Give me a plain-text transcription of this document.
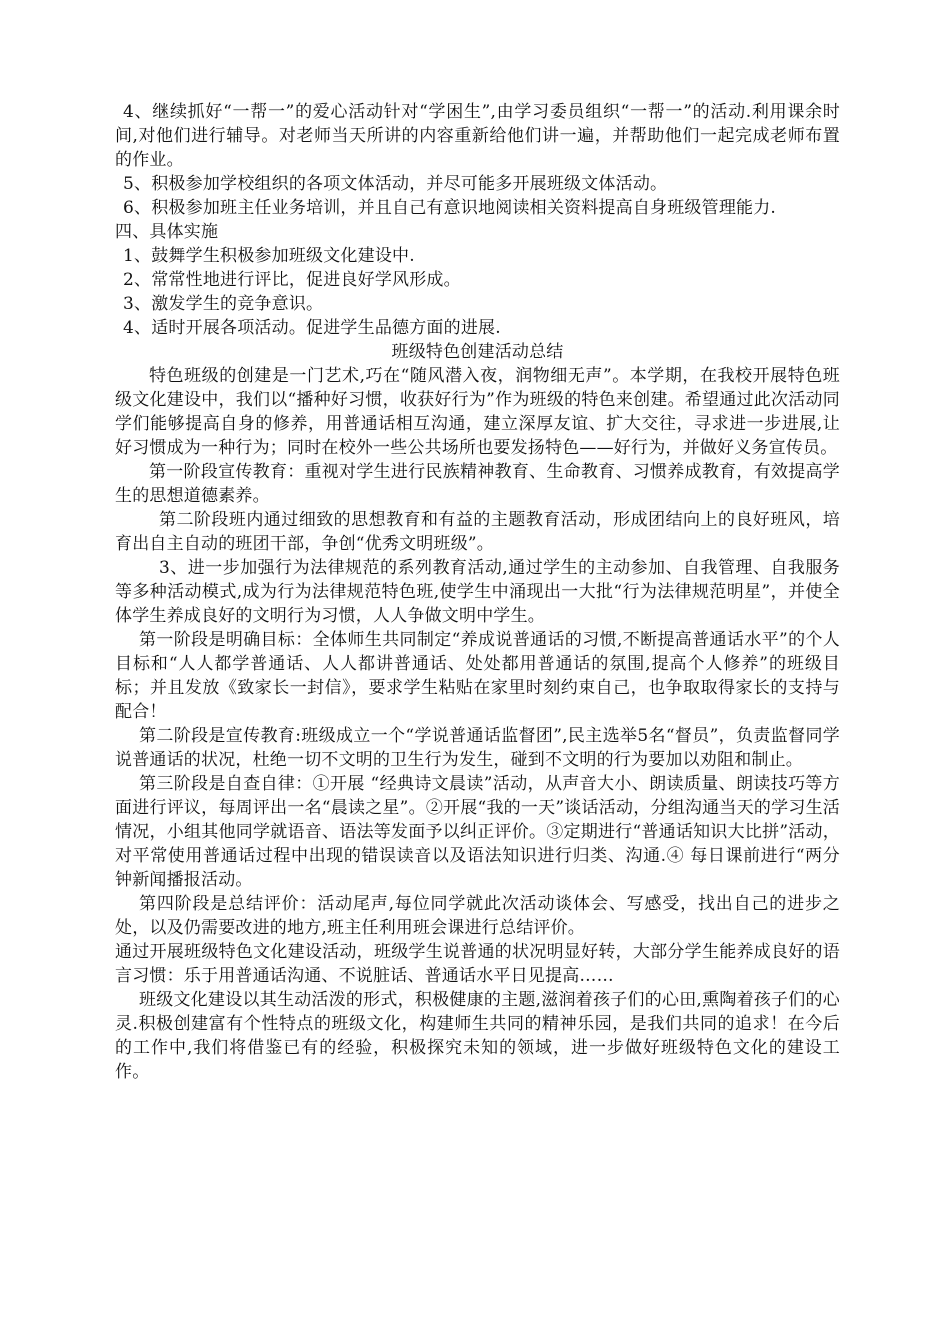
4、继续抓好“一帮一”的爱心活动针对“学困生”,由学习委员组织“一帮一”的活动.利用课余时间,对他们进行辅导。对老师当天所讲的内容重新给他们讲一遍，并帮助他们一起完成老师布置的作业。

5、积极参加学校组织的各项文体活动，并尽可能多开展班级文体活动。

6、积极参加班主任业务培训，并且自己有意识地阅读相关资料提高自身班级管理能力.

四、具体实施

1、鼓舞学生积极参加班级文化建设中.

2、常常性地进行评比，促进良好学风形成。

3、激发学生的竞争意识。

4、适时开展各项活动。促进学生品德方面的进展.

班级特色创建活动总结

特色班级的创建是一门艺术,巧在“随风潜入夜，润物细无声”。本学期，在我校开展特色班级文化建设中，我们以“播种好习惯，收获好行为”作为班级的特色来创建。希望通过此次活动同学们能够提高自身的修养，用普通话相互沟通，建立深厚友谊、扩大交往，寻求进一步进展,让好习惯成为一种行为；同时在校外一些公共场所也要发扬特色——好行为，并做好义务宣传员。

第一阶段宣传教育：重视对学生进行民族精神教育、生命教育、习惯养成教育，有效提高学生的思想道德素养。

第二阶段班内通过细致的思想教育和有益的主题教育活动，形成团结向上的良好班风，培育出自主自动的班团干部，争创“优秀文明班级”。

3、进一步加强行为法律规范的系列教育活动,通过学生的主动参加、自我管理、自我服务等多种活动模式,成为行为法律规范特色班,使学生中涌现出一大批“行为法律规范明星”，并使全体学生养成良好的文明行为习惯，人人争做文明中学生。

第一阶段是明确目标：全体师生共同制定“养成说普通话的习惯,不断提高普通话水平”的个人目标和“人人都学普通话、人人都讲普通话、处处都用普通话的氛围,提高个人修养”的班级目标；并且发放《致家长一封信》，要求学生粘贴在家里时刻约束自己，也争取取得家长的支持与配合！

第二阶段是宣传教育:班级成立一个“学说普通话监督团”,民主选举5名“督员”，负责监督同学说普通话的状况，杜绝一切不文明的卫生行为发生，碰到不文明的行为要加以劝阻和制止。

第三阶段是自查自律：①开展 “经典诗文晨读”活动，从声音大小、朗读质量、朗读技巧等方面进行评议，每周评出一名“晨读之星”。②开展“我的一天”谈话活动，分组沟通当天的学习生活情况，小组其他同学就语音、语法等发面予以纠正评价。③定期进行“普通话知识大比拼”活动，对平常使用普通话过程中出现的错误读音以及语法知识进行归类、沟通.④ 每日课前进行“两分钟新闻播报活动。

第四阶段是总结评价：活动尾声,每位同学就此次活动谈体会、写感受，找出自己的进步之处，以及仍需要改进的地方,班主任利用班会课进行总结评价。

通过开展班级特色文化建设活动，班级学生说普通的状况明显好转，大部分学生能养成良好的语言习惯：乐于用普通话沟通、不说脏话、普通话水平日见提高……

班级文化建设以其生动活泼的形式，积极健康的主题,滋润着孩子们的心田,熏陶着孩子们的心灵.积极创建富有个性特点的班级文化，构建师生共同的精神乐园，是我们共同的追求！在今后的工作中,我们将借鉴已有的经验，积极探究未知的领域，进一步做好班级特色文化的建设工作。
